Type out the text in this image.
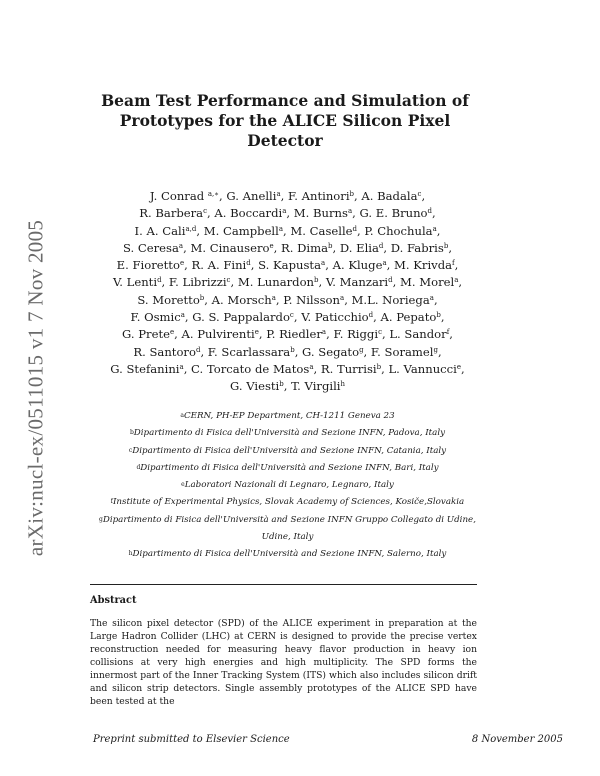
arXiv:nucl-ex/0511015 v1 7 Nov 2005
Beam Test Performance and Simulation of
Prototypes for the ALICE Silicon Pixel
Detector
J. Conrad $^{a,∗}$, G. Anelli$^a$, F. Antinori$^b$, A. Badala$^c$,
R. Barbera$^c$, A. Boccardi$^a$, M. Burns$^a$, G. E. Bruno$^d$,
I. A. Cali$^{a,d}$, M. Campbell$^a$, M. Caselle$^d$, P. Chochula$^a$,
S. Ceresa$^a$, M. Cinausero$^e$, R. Dima$^b$, D. Elia$^d$, D. Fabris$^b$,
E. Fioretto$^e$, R. A. Fini$^d$, S. Kapusta$^a$, A. Kluge$^a$, M. Krivda$^f$,
V. Lenti$^d$, F. Librizzi$^c$, M. Lunardon$^b$, V. Manzari$^d$, M. Morel$^a$,
S. Moretto$^b$, A. Morsch$^a$, P. Nilsson$^a$, M.L. Noriega$^a$,
F. Osmic$^a$, G. S. Pappalardo$^c$, V. Paticchio$^d$, A. Pepato$^b$,
G. Prete$^e$, A. Pulvirenti$^e$, P. Riedler$^a$, F. Riggi$^c$, L. Sandor$^f$,
R. Santoro$^d$, F. Scarlassara$^b$, G. Segato$^g$, F. Soramel$^g$,
G. Stefanini$^a$, C. Torcato de Matos$^a$, R. Turrisi$^b$, L. Vannucci$^e$,
G. Viesti$^b$, T. Virgili$^h$
$^a$CERN, PH-EP Department, CH-1211 Geneva 23
$^b$Dipartimento di Fisica dell'Università and Sezione INFN, Padova, Italy
$^c$Dipartimento di Fisica dell'Università and Sezione INFN, Catania, Italy
$^d$Dipartimento di Fisica dell'Università and Sezione INFN, Bari, Italy
$^e$Laboratori Nazionali di Legnaro, Legnaro, Italy
$^f$Institute of Experimental Physics, Slovak Academy of Sciences, Kosiče,Slovakia
$^g$Dipartimento di Fisica dell'Università and Sezione INFN Gruppo Collegato di Udine, Udine, Italy
$^h$Dipartimento di Fisica dell'Università and Sezione INFN, Salerno, Italy
Abstract
The silicon pixel detector (SPD) of the ALICE experiment in preparation at the Large Hadron Collider (LHC) at CERN is designed to provide the precise vertex reconstruction needed for measuring heavy flavor production in heavy ion collisions at very high energies and high multiplicity. The SPD forms the innermost part of the Inner Tracking System (ITS) which also includes silicon drift and silicon strip detectors. Single assembly prototypes of the ALICE SPD have been tested at the
Preprint submitted to Elsevier Science	8 November 2005
